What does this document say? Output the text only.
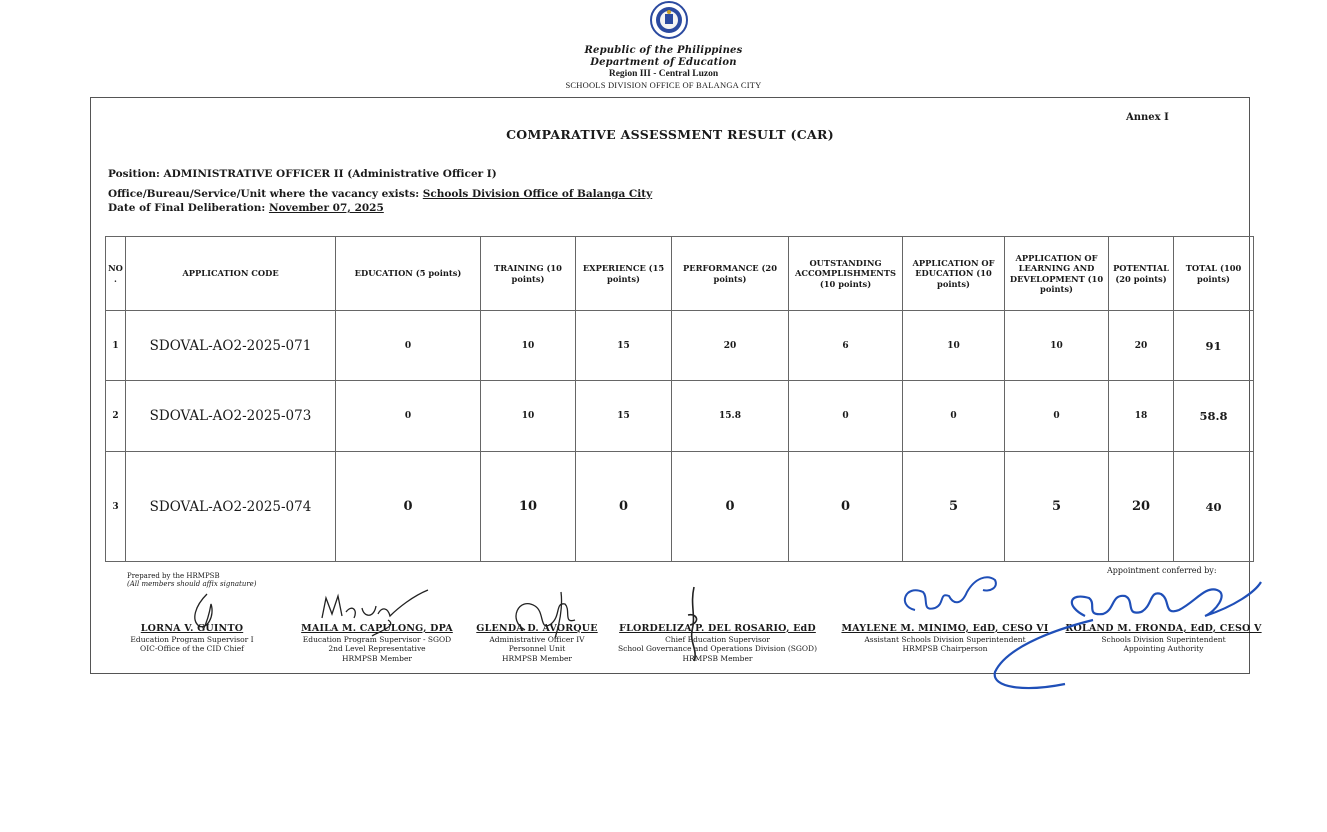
Republic of the Philippines
Department of Education
Region III - Central Luzon
SCHOOLS DIVISION OFFICE OF BALANGA CITY
Annex I
COMPARATIVE ASSESSMENT RESULT (CAR)
Position: ADMINISTRATIVE OFFICER II (Administrative Officer I)
Office/Bureau/Service/Unit where the vacancy exists: Schools Division Office of Balanga City
Date of Final Deliberation: November 07, 2025
NO .	APPLICATION CODE	EDUCATION (5 points)	TRAINING (10 points)	EXPERIENCE (15 points)	PERFORMANCE (20 points)	OUTSTANDING ACCOMPLISHMENTS (10 points)	APPLICATION OF EDUCATION (10 points)	APPLICATION OF LEARNING AND DEVELOPMENT (10 points)	POTENTIAL (20 points)	TOTAL (100 points)
1	SDOVAL-AO2-2025-071	0	10	15	20	6	10	10	20	91
2	SDOVAL-AO2-2025-073	0	10	15	15.8	0	0	0	18	58.8
3	SDOVAL-AO2-2025-074	0	10	0	0	0	5	5	20	40
Prepared by the HRMPSB
(All members should affix signature)
Appointment conferred by:
LORNA V. GUINTO
Education Program Supervisor I
OIC-Office of the CID Chief
MAILA M. CAPULONG, DPA
Education Program Supervisor - SGOD
2nd Level Representative
HRMPSB Member
GLENDA D. AVORQUE
Administrative Officer IV
Personnel Unit
HRMPSB Member
FLORDELIZA P. DEL ROSARIO, EdD
Chief Education Supervisor
School Governance and Operations Division (SGOD)
HRMPSB Member
MAYLENE M. MINIMO, EdD, CESO VI
Assistant Schools Division Superintendent
HRMPSB Chairperson
ROLAND M. FRONDA, EdD, CESO V
Schools Division Superintendent
Appointing Authority
